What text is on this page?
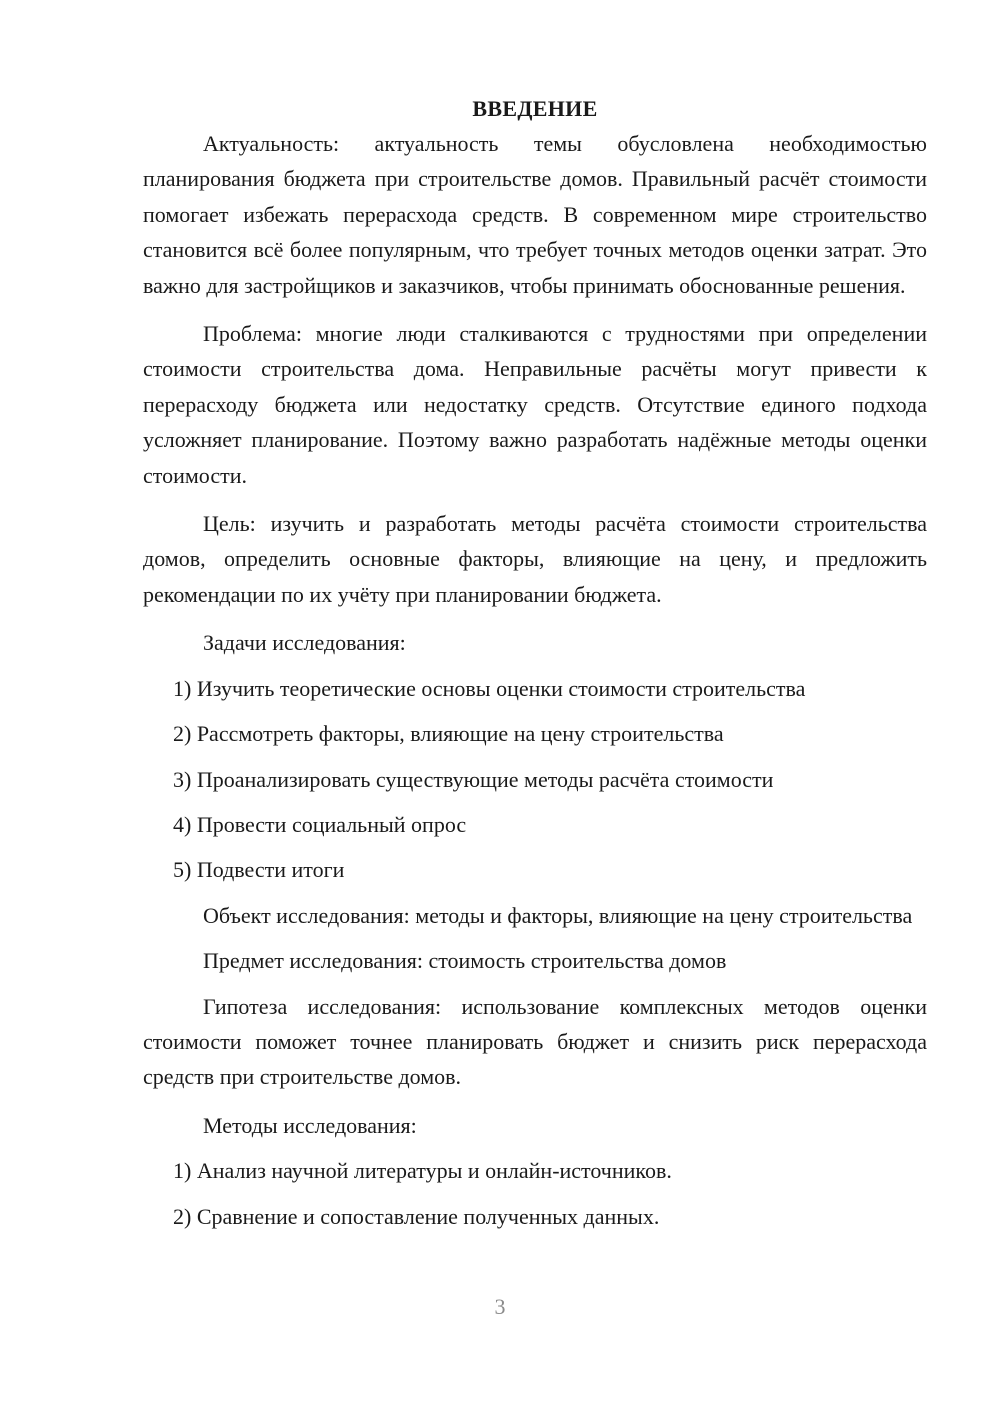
ВВЕДЕНИЕ

Актуальность: актуальность темы обусловлена необходимостью планирования бюджета при строительстве домов. Правильный расчёт стоимости помогает избежать перерасхода средств. В современном мире строительство становится всё более популярным, что требует точных методов оценки затрат. Это важно для застройщиков и заказчиков, чтобы принимать обоснованные решения.

Проблема: многие люди сталкиваются с трудностями при определении стоимости строительства дома. Неправильные расчёты могут привести к перерасходу бюджета или недостатку средств. Отсутствие единого подхода усложняет планирование. Поэтому важно разработать надёжные методы оценки стоимости.

Цель: изучить и разработать методы расчёта стоимости строительства домов, определить основные факторы, влияющие на цену, и предложить рекомендации по их учёту при планировании бюджета.

Задачи исследования:

1) Изучить теоретические основы оценки стоимости строительства

2) Рассмотреть факторы, влияющие на цену строительства

3) Проанализировать существующие методы расчёта стоимости

4) Провести социальный опрос

5) Подвести итоги

Объект исследования: методы и факторы, влияющие на цену строительства

Предмет исследования: стоимость строительства домов

Гипотеза исследования: использование комплексных методов оценки стоимости поможет точнее планировать бюджет и снизить риск перерасхода средств при строительстве домов.

Методы исследования:

1) Анализ научной литературы и онлайн-источников.

2) Сравнение и сопоставление полученных данных.

3
